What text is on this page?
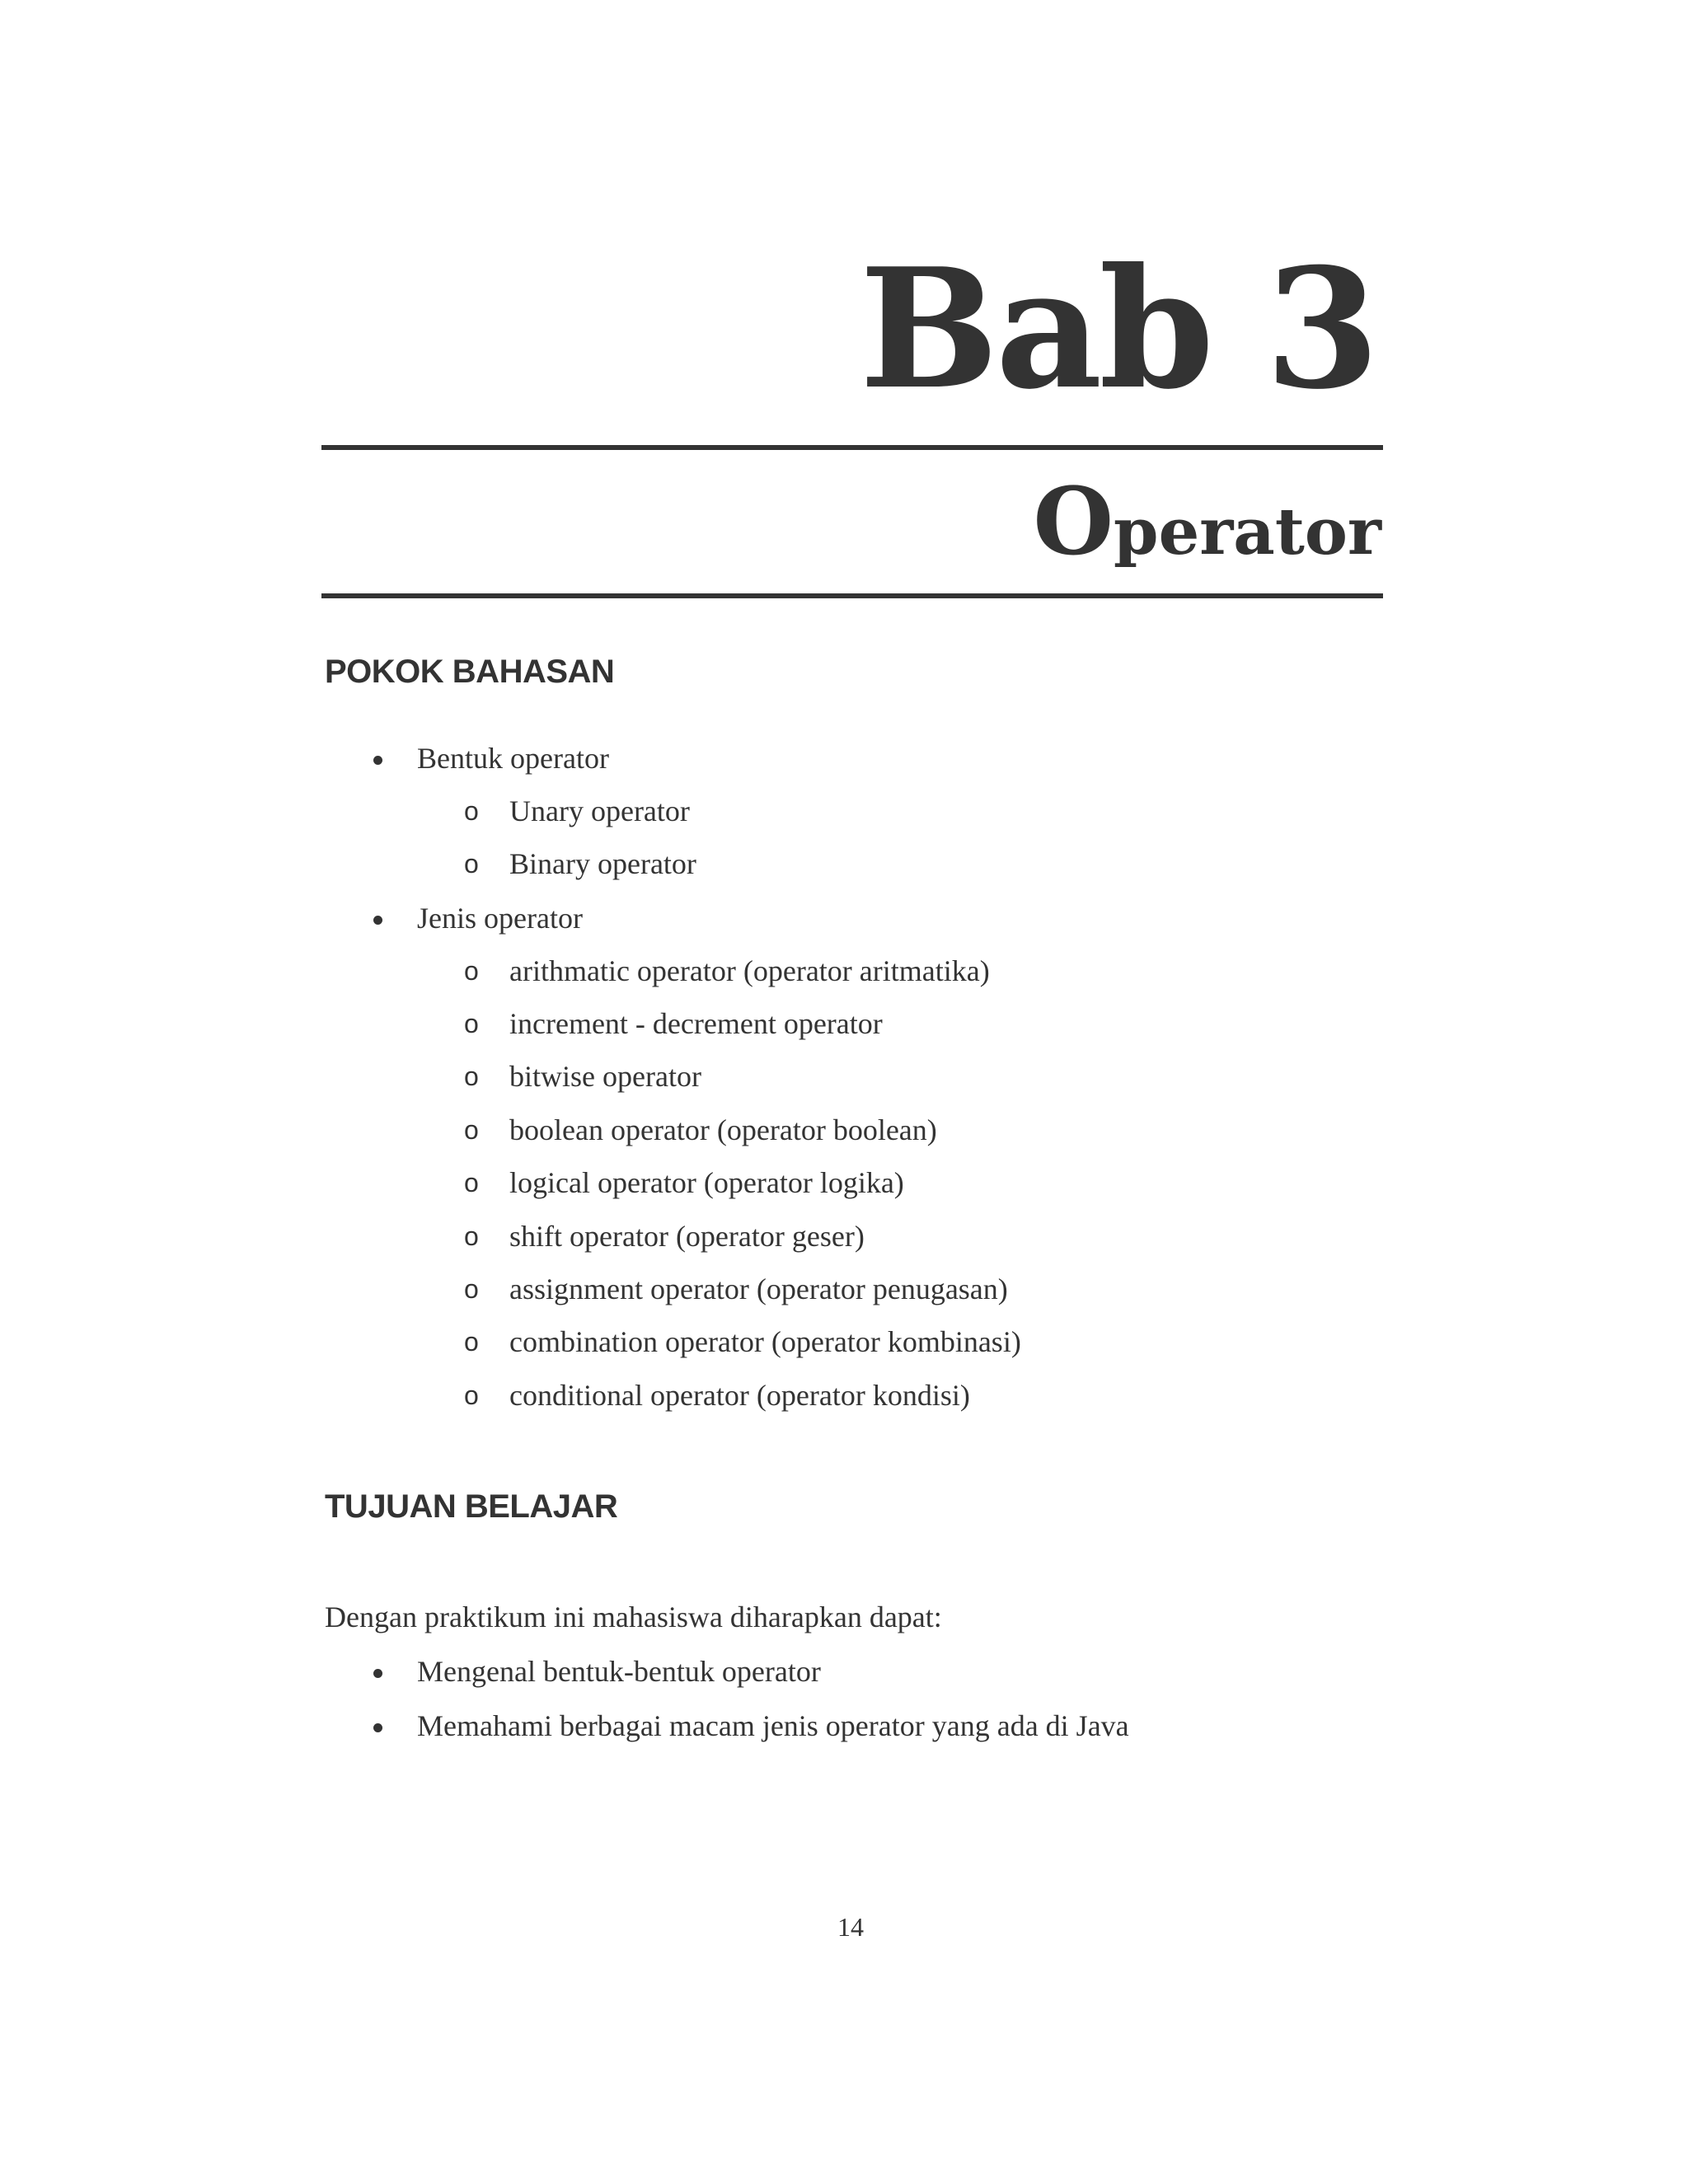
Bab 3
Operator
POKOK BAHASAN
Bentuk operator
o Unary operator
o Binary operator
Jenis operator
o arithmatic operator (operator aritmatika)
o increment - decrement operator
o bitwise operator
o boolean operator (operator boolean)
o logical operator (operator logika)
o shift operator (operator geser)
o assignment operator (operator penugasan)
o combination operator (operator kombinasi)
o conditional operator (operator kondisi)
TUJUAN BELAJAR

Dengan praktikum ini mahasiswa diharapkan dapat:

Mengenal bentuk-bentuk operator
Memahami berbagai macam jenis operator yang ada di Java
14
